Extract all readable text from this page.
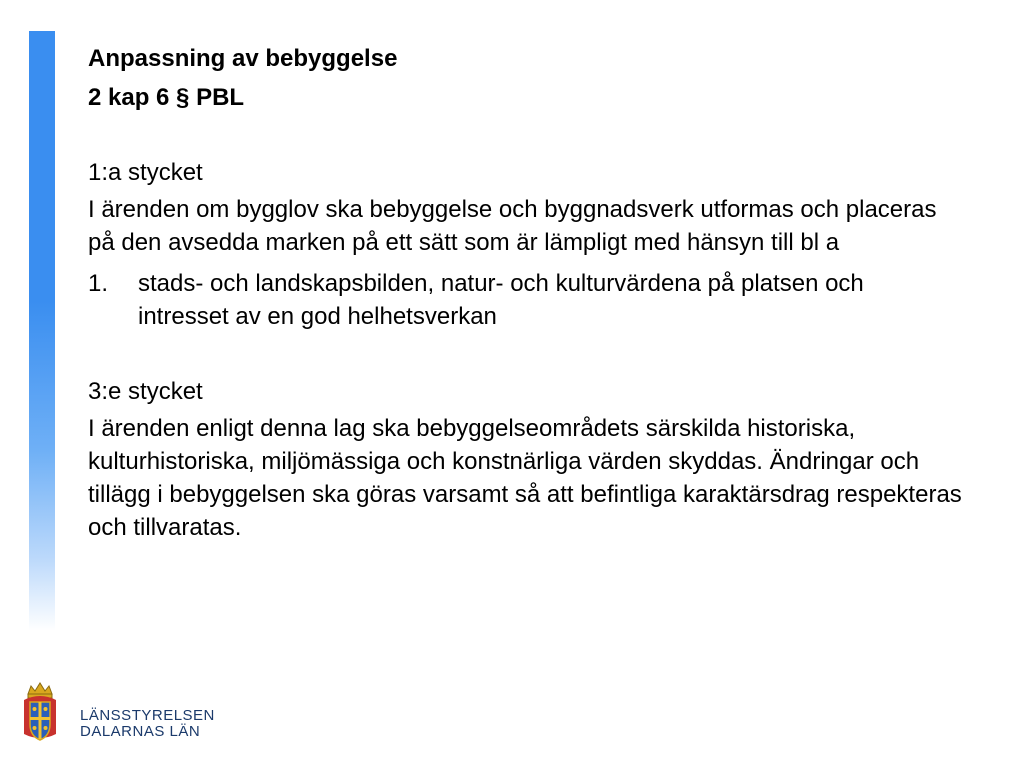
Anpassning av bebyggelse

2 kap 6 § PBL

1:a stycket

I ärenden om bygglov ska bebyggelse och byggnadsverk utformas och placeras på den avsedda marken på ett sätt som är lämpligt med hänsyn till bl a

1.	stads- och landskapsbilden, natur- och kulturvärdena på platsen och intresset av en god helhetsverkan

3:e stycket

I ärenden enligt denna lag ska bebyggelseområdets särskilda historiska, kulturhistoriska, miljömässiga och konstnärliga värden skyddas. Ändringar och tillägg i bebyggelsen ska göras varsamt så att befintliga karaktärsdrag respekteras och tillvaratas.

LÄNSSTYRELSEN
DALARNAS LÄN
